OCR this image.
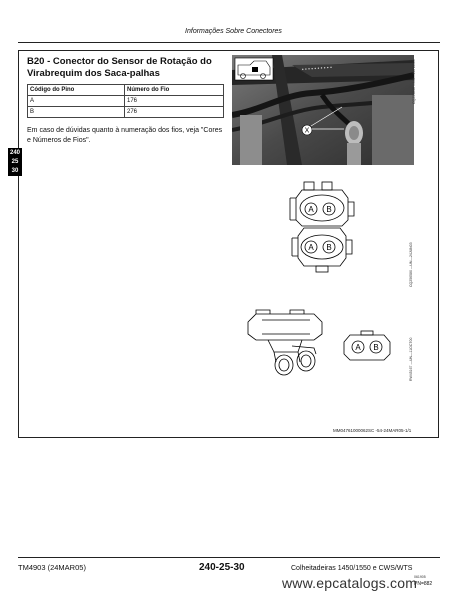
Informações Sobre Conectores
B20 - Conector do Sensor de Rotação do Virabrequim dos Saca-palhas
Código do Pino	Número do Fio
A	176
B	276
Em caso de dúvidas quanto à numeração dos fios, veja "Cores e Números de Fios".
240
25
30
X
• • • • • • • • • •	CQ251846 —UN—28FEB03
A B
A B	CQ256580 —UN—24JUN03
A B	RW45167 —UN—11OCT00
MM04761000062SC -54-24MAR05-1/1
TM4903 (24MAR05)	240-25-30	Colheitadeiras 1450/1550 e CWS/WTS
061905
PN=882
www.epcatalogs.com
